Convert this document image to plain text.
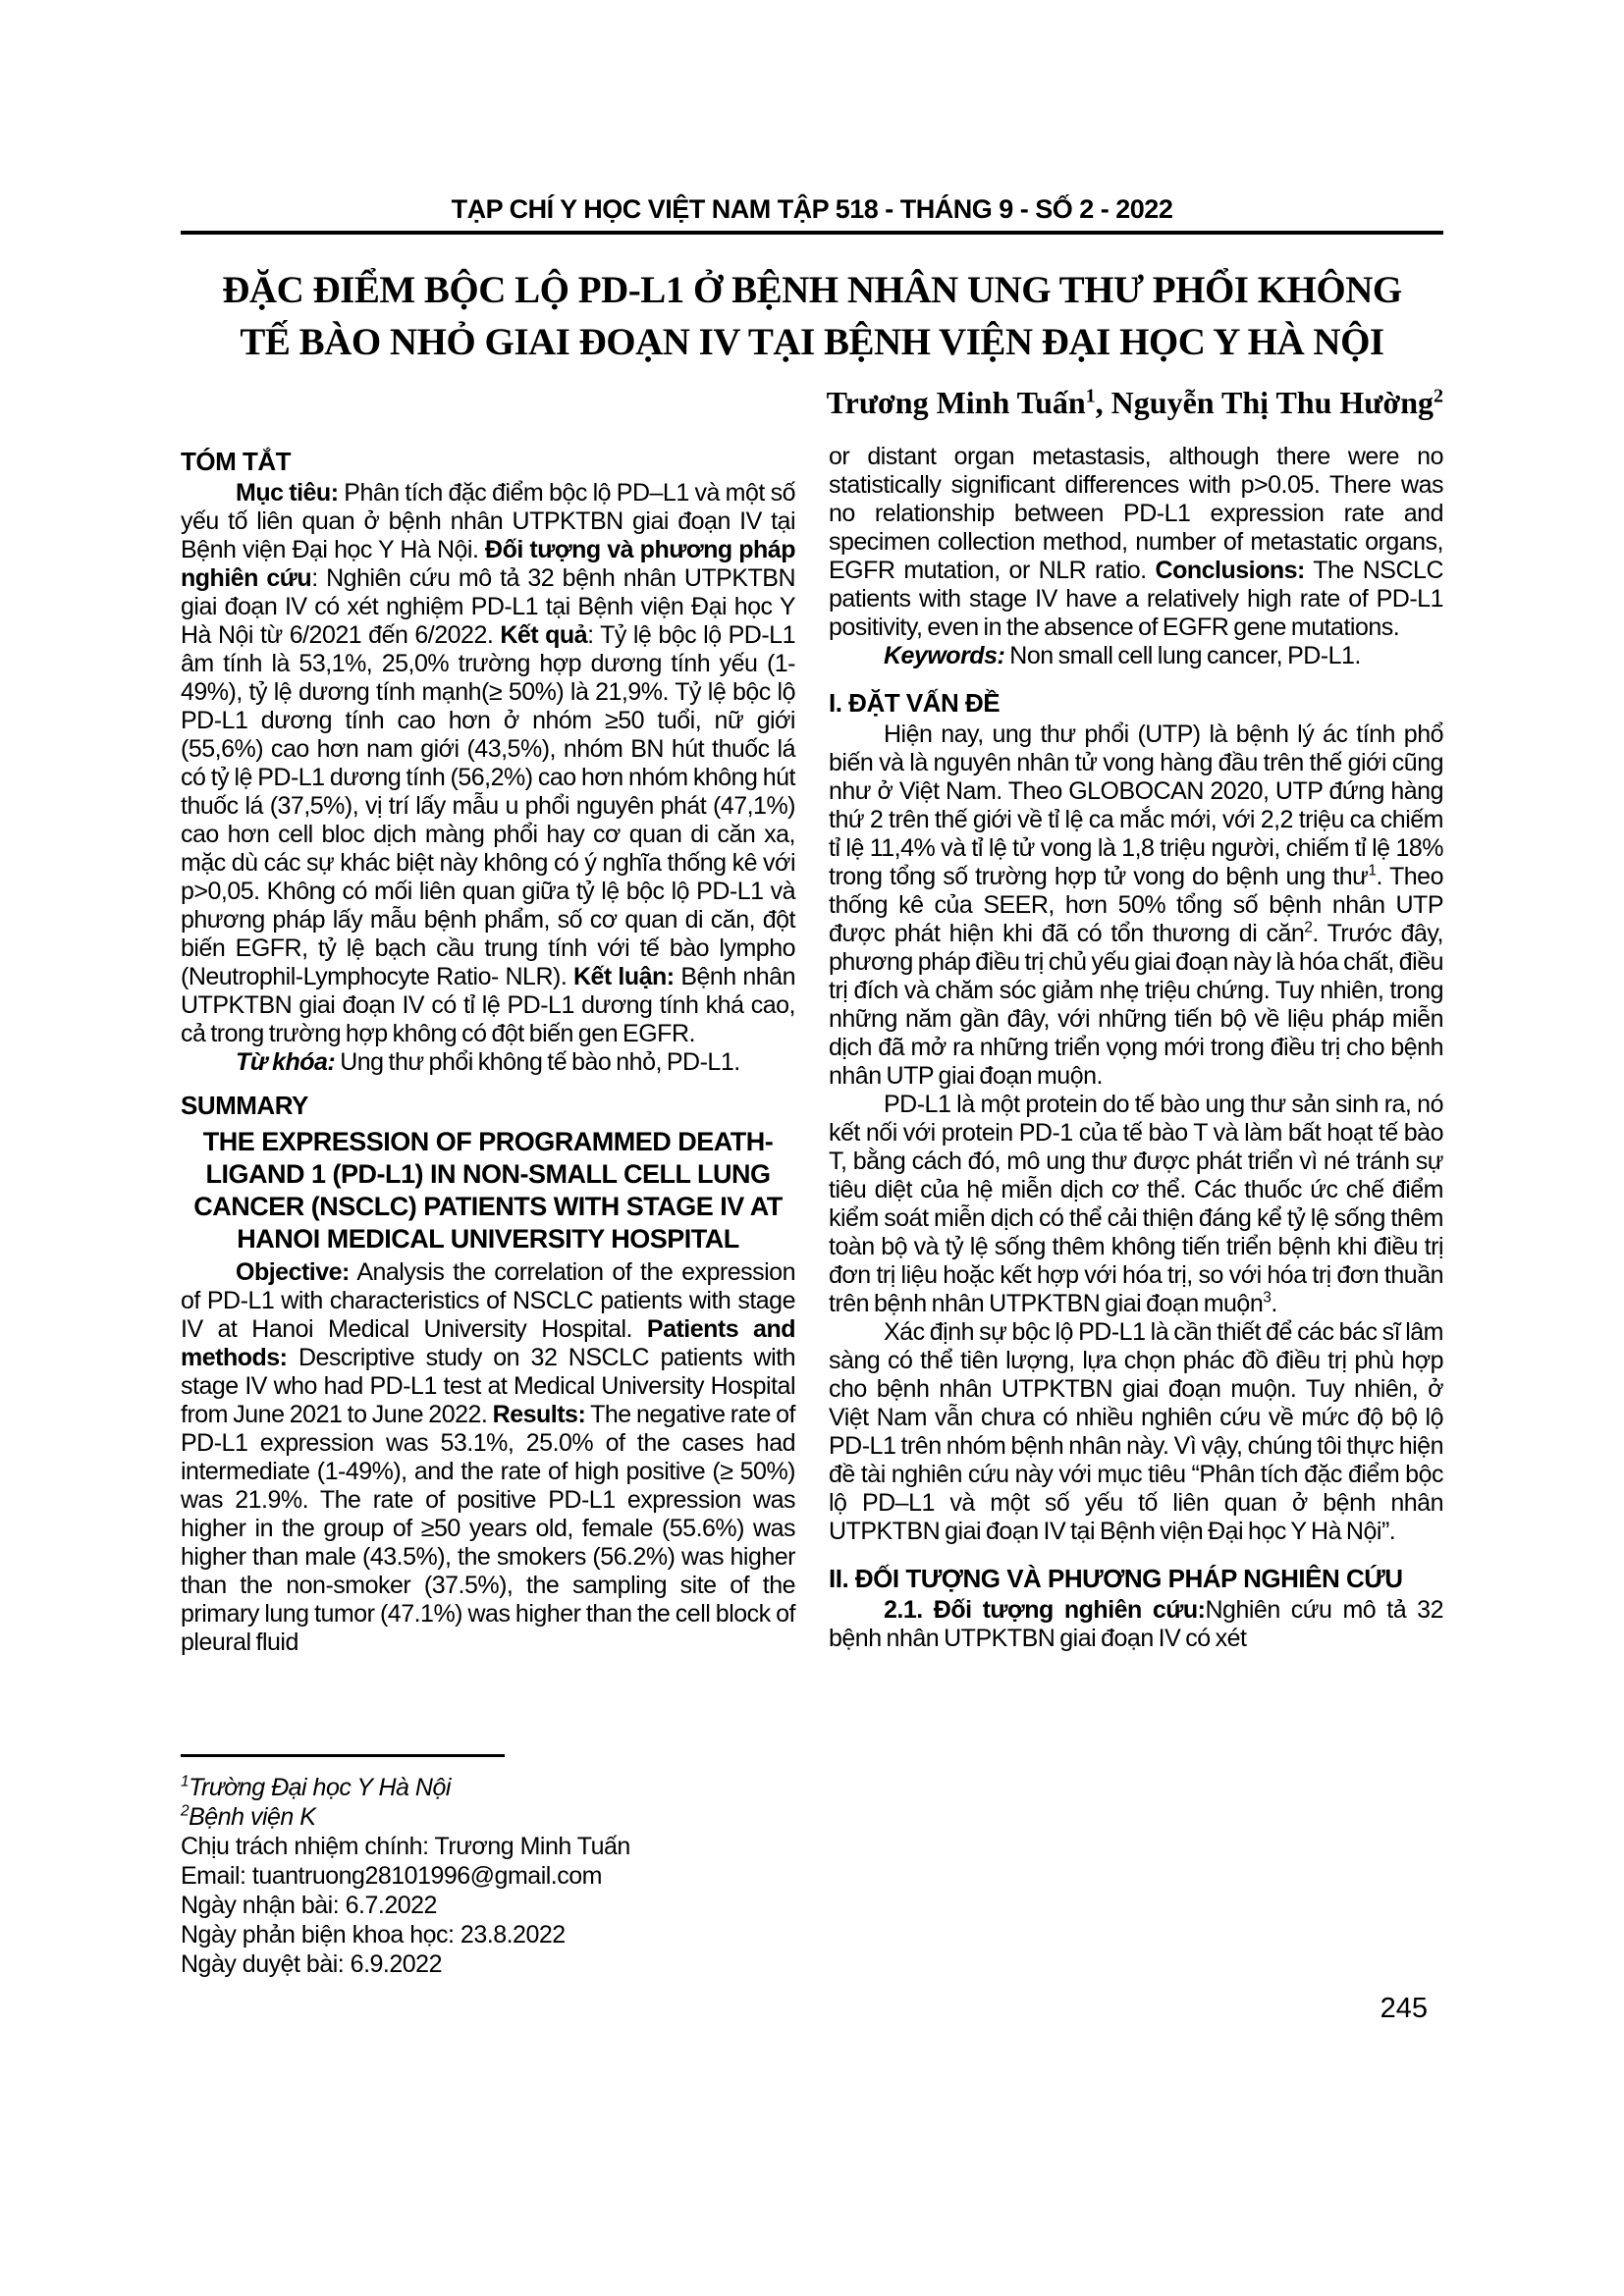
TẠP CHÍ Y HỌC VIỆT NAM TẬP 518 - THÁNG 9 - SỐ 2 - 2022
ĐẶC ĐIỂM BỘC LỘ PD-L1 Ở BỆNH NHÂN UNG THƯ PHỔI KHÔNG
TẾ BÀO NHỎ GIAI ĐOẠN IV TẠI BỆNH VIỆN ĐẠI HỌC Y HÀ NỘI
Trương Minh Tuấn$^1$, Nguyễn Thị Thu Hường$^2$
TÓM TẮT

Mục tiêu: Phân tích đặc điểm bộc lộ PD–L1 và một số yếu tố liên quan ở bệnh nhân UTPKTBN giai đoạn IV tại Bệnh viện Đại học Y Hà Nội. Đối tượng và phương pháp nghiên cứu: Nghiên cứu mô tả 32 bệnh nhân UTPKTBN giai đoạn IV có xét nghiệm PD-L1 tại Bệnh viện Đại học Y Hà Nội từ 6/2021 đến 6/2022. Kết quả: Tỷ lệ bộc lộ PD-L1 âm tính là 53,1%, 25,0% trường hợp dương tính yếu (1-49%), tỷ lệ dương tính mạnh(≥ 50%) là 21,9%. Tỷ lệ bộc lộ PD-L1 dương tính cao hơn ở nhóm ≥50 tuổi, nữ giới (55,6%) cao hơn nam giới (43,5%), nhóm BN hút thuốc lá có tỷ lệ PD-L1 dương tính (56,2%) cao hơn nhóm không hút thuốc lá (37,5%), vị trí lấy mẫu u phổi nguyên phát (47,1%) cao hơn cell bloc dịch màng phổi hay cơ quan di căn xa, mặc dù các sự khác biệt này không có ý nghĩa thống kê với p>0,05. Không có mối liên quan giữa tỷ lệ bộc lộ PD-L1 và phương pháp lấy mẫu bệnh phẩm, số cơ quan di căn, đột biến EGFR, tỷ lệ bạch cầu trung tính với tế bào lympho (Neutrophil-Lymphocyte Ratio- NLR). Kết luận: Bệnh nhân UTPKTBN giai đoạn IV có tỉ lệ PD-L1 dương tính khá cao, cả trong trường hợp không có đột biến gen EGFR.

Từ khóa: Ung thư phổi không tế bào nhỏ, PD-L1.

SUMMARY
THE EXPRESSION OF PROGRAMMED DEATH-LIGAND 1 (PD-L1) IN NON-SMALL CELL LUNG CANCER (NSCLC) PATIENTS WITH STAGE IV AT HANOI MEDICAL UNIVERSITY HOSPITAL

Objective: Analysis the correlation of the expression of PD-L1 with characteristics of NSCLC patients with stage IV at Hanoi Medical University Hospital. Patients and methods: Descriptive study on 32 NSCLC patients with stage IV who had PD-L1 test at Medical University Hospital from June 2021 to June 2022. Results: The negative rate of PD-L1 expression was 53.1%, 25.0% of the cases had intermediate (1-49%), and the rate of high positive (≥ 50%) was 21.9%. The rate of positive PD-L1 expression was higher in the group of ≥50 years old, female (55.6%) was higher than male (43.5%), the smokers (56.2%) was higher than the non-smoker (37.5%), the sampling site of the primary lung tumor (47.1%) was higher than the cell block of pleural fluid

$^1$Trường Đại học Y Hà Nội
$^2$Bệnh viện K
Chịu trách nhiệm chính: Trương Minh Tuấn
Email: tuantruong28101996@gmail.com
Ngày nhận bài: 6.7.2022
Ngày phản biện khoa học: 23.8.2022
Ngày duyệt bài: 6.9.2022

or distant organ metastasis, although there were no statistically significant differences with p>0.05. There was no relationship between PD-L1 expression rate and specimen collection method, number of metastatic organs, EGFR mutation, or NLR ratio. Conclusions: The NSCLC patients with stage IV have a relatively high rate of PD-L1 positivity, even in the absence of EGFR gene mutations.

Keywords: Non small cell lung cancer, PD-L1.

I. ĐẶT VẤN ĐỀ

Hiện nay, ung thư phổi (UTP) là bệnh lý ác tính phổ biến và là nguyên nhân tử vong hàng đầu trên thế giới cũng như ở Việt Nam. Theo GLOBOCAN 2020, UTP đứng hàng thứ 2 trên thế giới về tỉ lệ ca mắc mới, với 2,2 triệu ca chiếm tỉ lệ 11,4% và tỉ lệ tử vong là 1,8 triệu người, chiếm tỉ lệ 18% trong tổng số trường hợp tử vong do bệnh ung thư$^1$. Theo thống kê của SEER, hơn 50% tổng số bệnh nhân UTP được phát hiện khi đã có tổn thương di căn$^2$. Trước đây, phương pháp điều trị chủ yếu giai đoạn này là hóa chất, điều trị đích và chăm sóc giảm nhẹ triệu chứng. Tuy nhiên, trong những năm gần đây, với những tiến bộ về liệu pháp miễn dịch đã mở ra những triển vọng mới trong điều trị cho bệnh nhân UTP giai đoạn muộn.

PD-L1 là một protein do tế bào ung thư sản sinh ra, nó kết nối với protein PD-1 của tế bào T và làm bất hoạt tế bào T, bằng cách đó, mô ung thư được phát triển vì né tránh sự tiêu diệt của hệ miễn dịch cơ thể. Các thuốc ức chế điểm kiểm soát miễn dịch có thể cải thiện đáng kể tỷ lệ sống thêm toàn bộ và tỷ lệ sống thêm không tiến triển bệnh khi điều trị đơn trị liệu hoặc kết hợp với hóa trị, so với hóa trị đơn thuần trên bệnh nhân UTPKTBN giai đoạn muộn$^3$.

Xác định sự bộc lộ PD-L1 là cần thiết để các bác sĩ lâm sàng có thể tiên lượng, lựa chọn phác đồ điều trị phù hợp cho bệnh nhân UTPKTBN giai đoạn muộn. Tuy nhiên, ở Việt Nam vẫn chưa có nhiều nghiên cứu về mức độ bộ lộ PD-L1 trên nhóm bệnh nhân này. Vì vậy, chúng tôi thực hiện đề tài nghiên cứu này với mục tiêu “Phân tích đặc điểm bộc lộ PD–L1 và một số yếu tố liên quan ở bệnh nhân UTPKTBN giai đoạn IV tại Bệnh viện Đại học Y Hà Nội”.

II. ĐỐI TƯỢNG VÀ PHƯƠNG PHÁP NGHIÊN CỨU

2.1. Đối tượng nghiên cứu:Nghiên cứu mô tả 32 bệnh nhân UTPKTBN giai đoạn IV có xét

245
